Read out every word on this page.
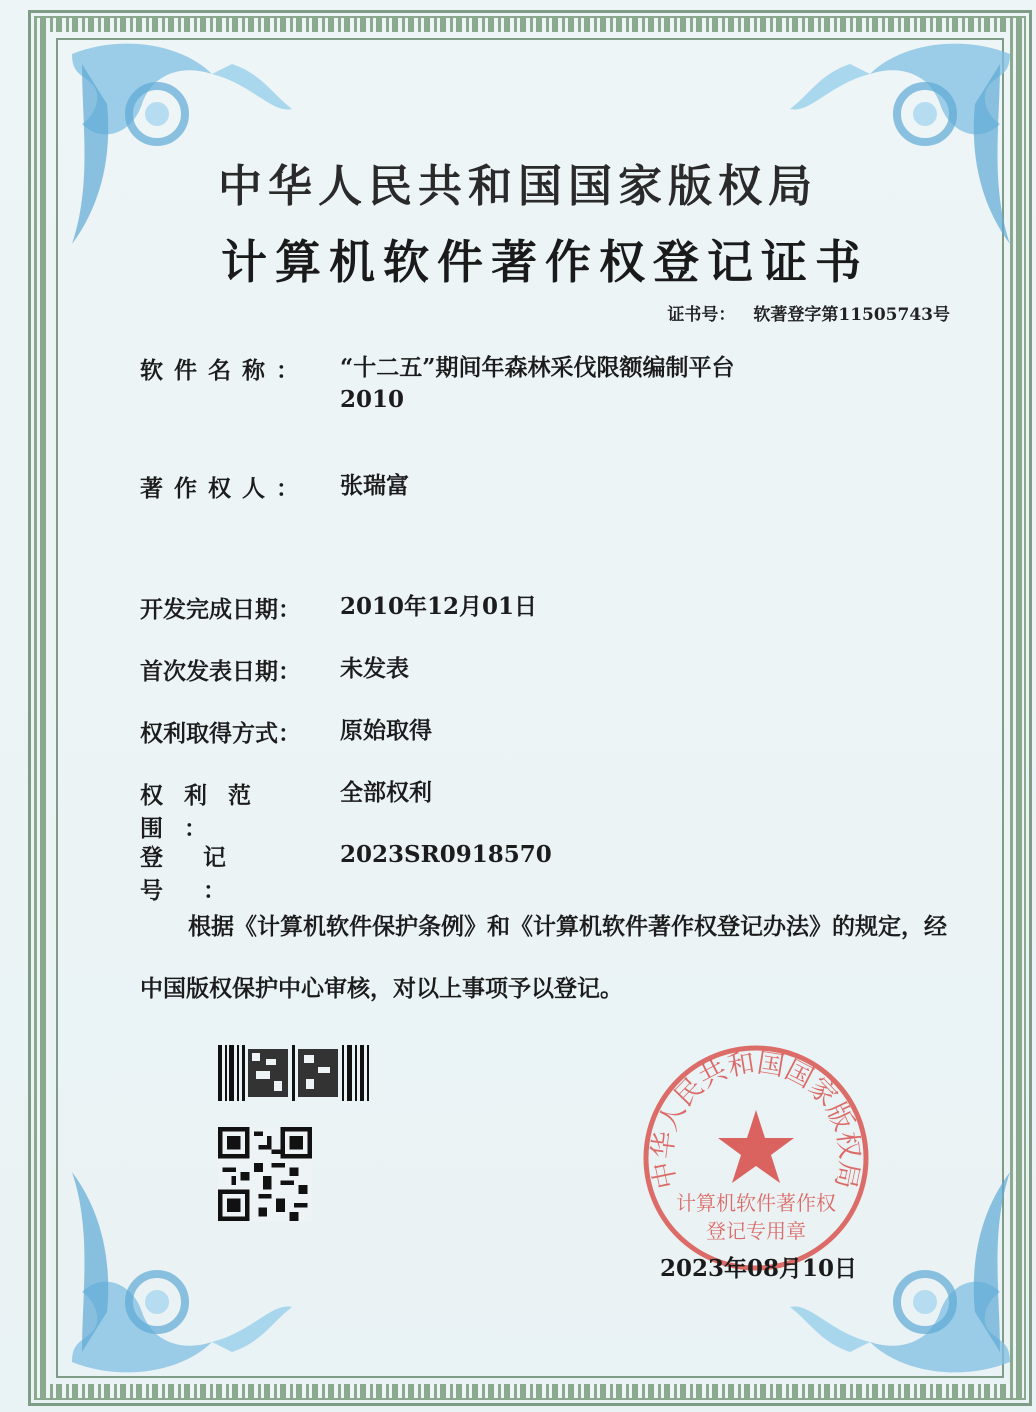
中华人民共和国国家版权局
计算机软件著作权登记证书
证书号： 软著登字第11505743号
软件名称：	“十二五”期间年森林采伐限额编制平台
2010
著作权人：	张瑞富
开发完成日期：	2010年12月01日
首次发表日期：	未发表
权利取得方式：	原始取得
权利范围：
全部权利
登记号：
2023SR0918570
根据《计算机软件保护条例》和《计算机软件著作权登记办法》的规定，经中国版权保护中心审核，对以上事项予以登记。
中华人民共和国国家版权局
计算机软件著作权
登记专用章
2023年08月10日
